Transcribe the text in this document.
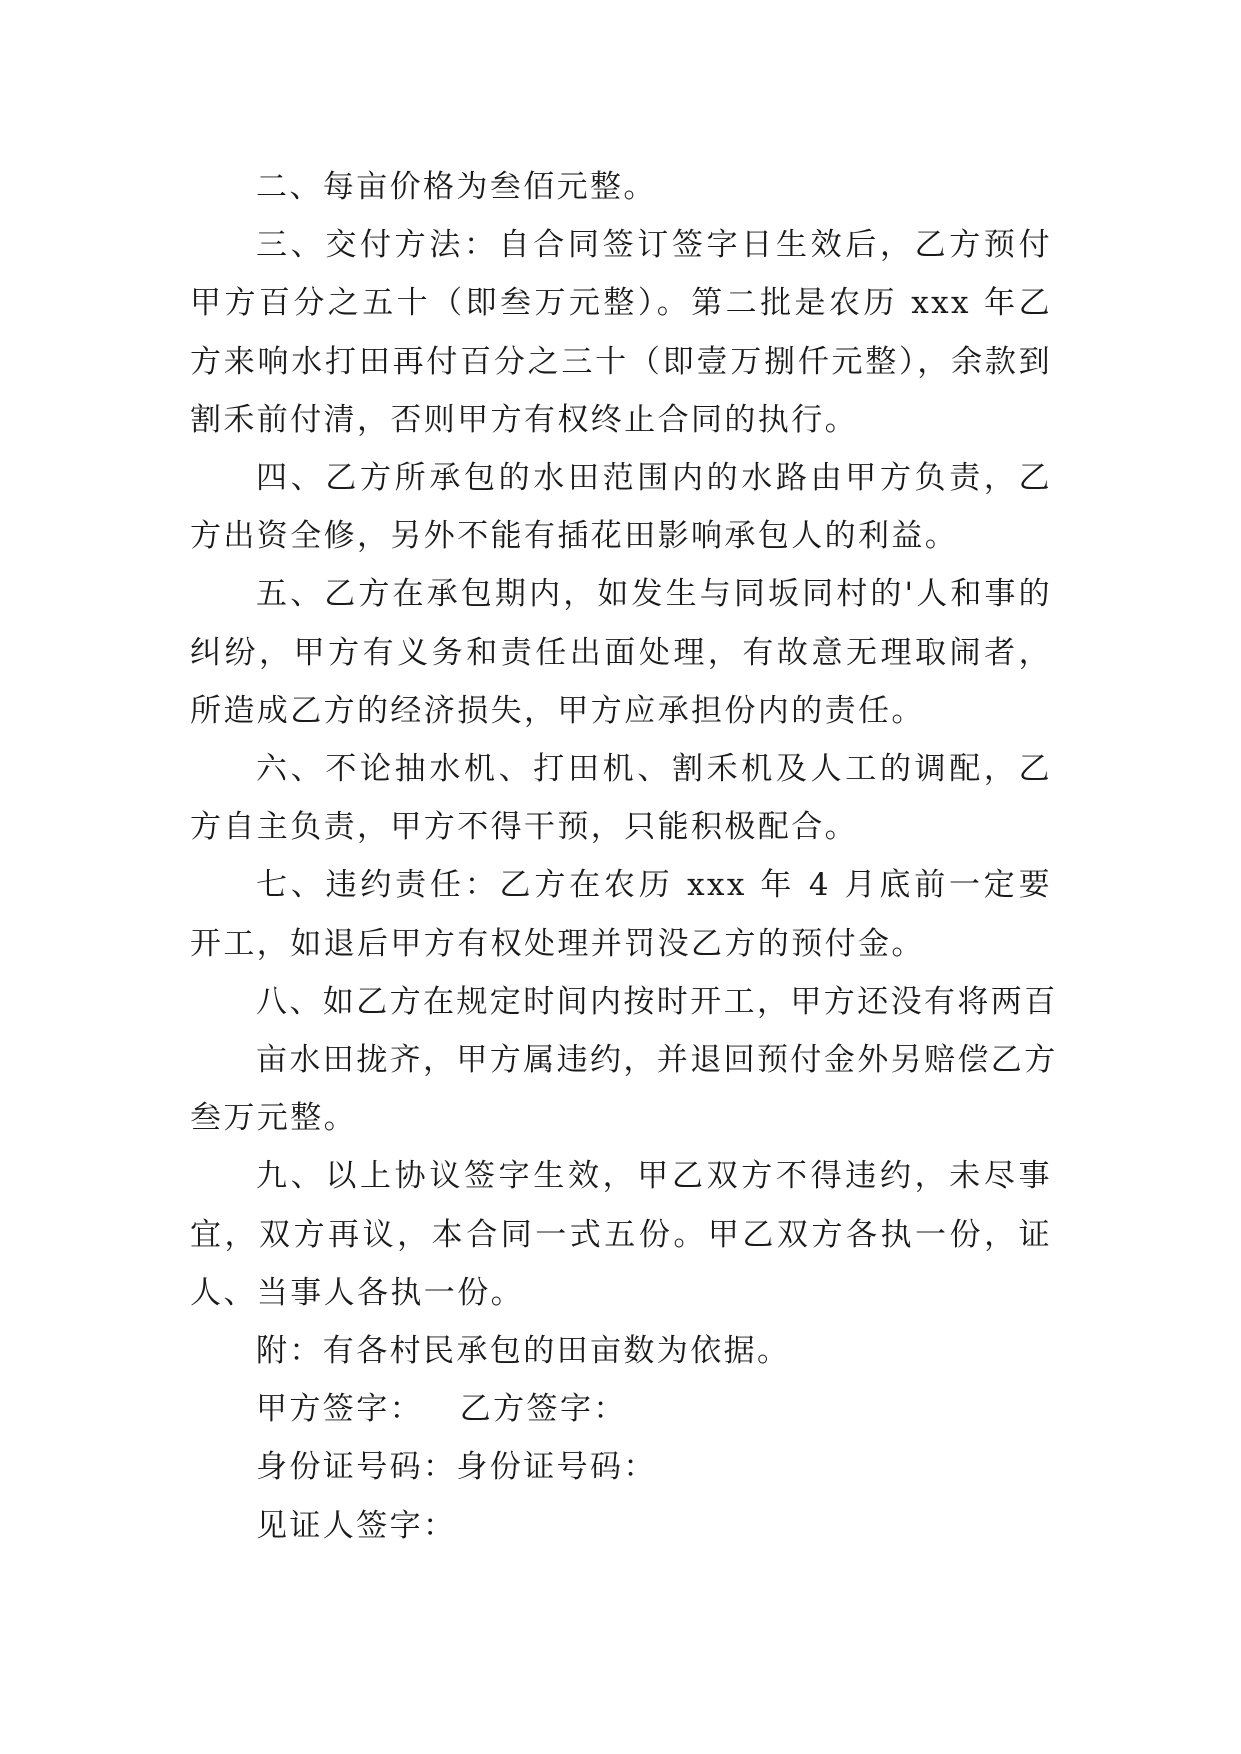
二、每亩价格为叁佰元整。

三、交付方法：自合同签订签字日生效后，乙方预付甲方百分之五十（即叁万元整）。第二批是农历 xxx 年乙方来响水打田再付百分之三十（即壹万捌仟元整），余款到割禾前付清，否则甲方有权终止合同的执行。

四、乙方所承包的水田范围内的水路由甲方负责，乙方出资全修，另外不能有插花田影响承包人的利益。

五、乙方在承包期内，如发生与同坂同村的'人和事的纠纷，甲方有义务和责任出面处理，有故意无理取闹者，所造成乙方的经济损失，甲方应承担份内的责任。

六、不论抽水机、打田机、割禾机及人工的调配，乙方自主负责，甲方不得干预，只能积极配合。

七、违约责任：乙方在农历 xxx 年 4 月底前一定要开工，如退后甲方有权处理并罚没乙方的预付金。

八、如乙方在规定时间内按时开工，甲方还没有将两百

亩水田拢齐，甲方属违约，并退回预付金外另赔偿乙方

叁万元整。

九、以上协议签字生效，甲乙双方不得违约，未尽事宜，双方再议，本合同一式五份。甲乙双方各执一份，证人、当事人各执一份。

附：有各村民承包的田亩数为依据。

甲方签字：   乙方签字：

身份证号码：身份证号码：

见证人签字：
